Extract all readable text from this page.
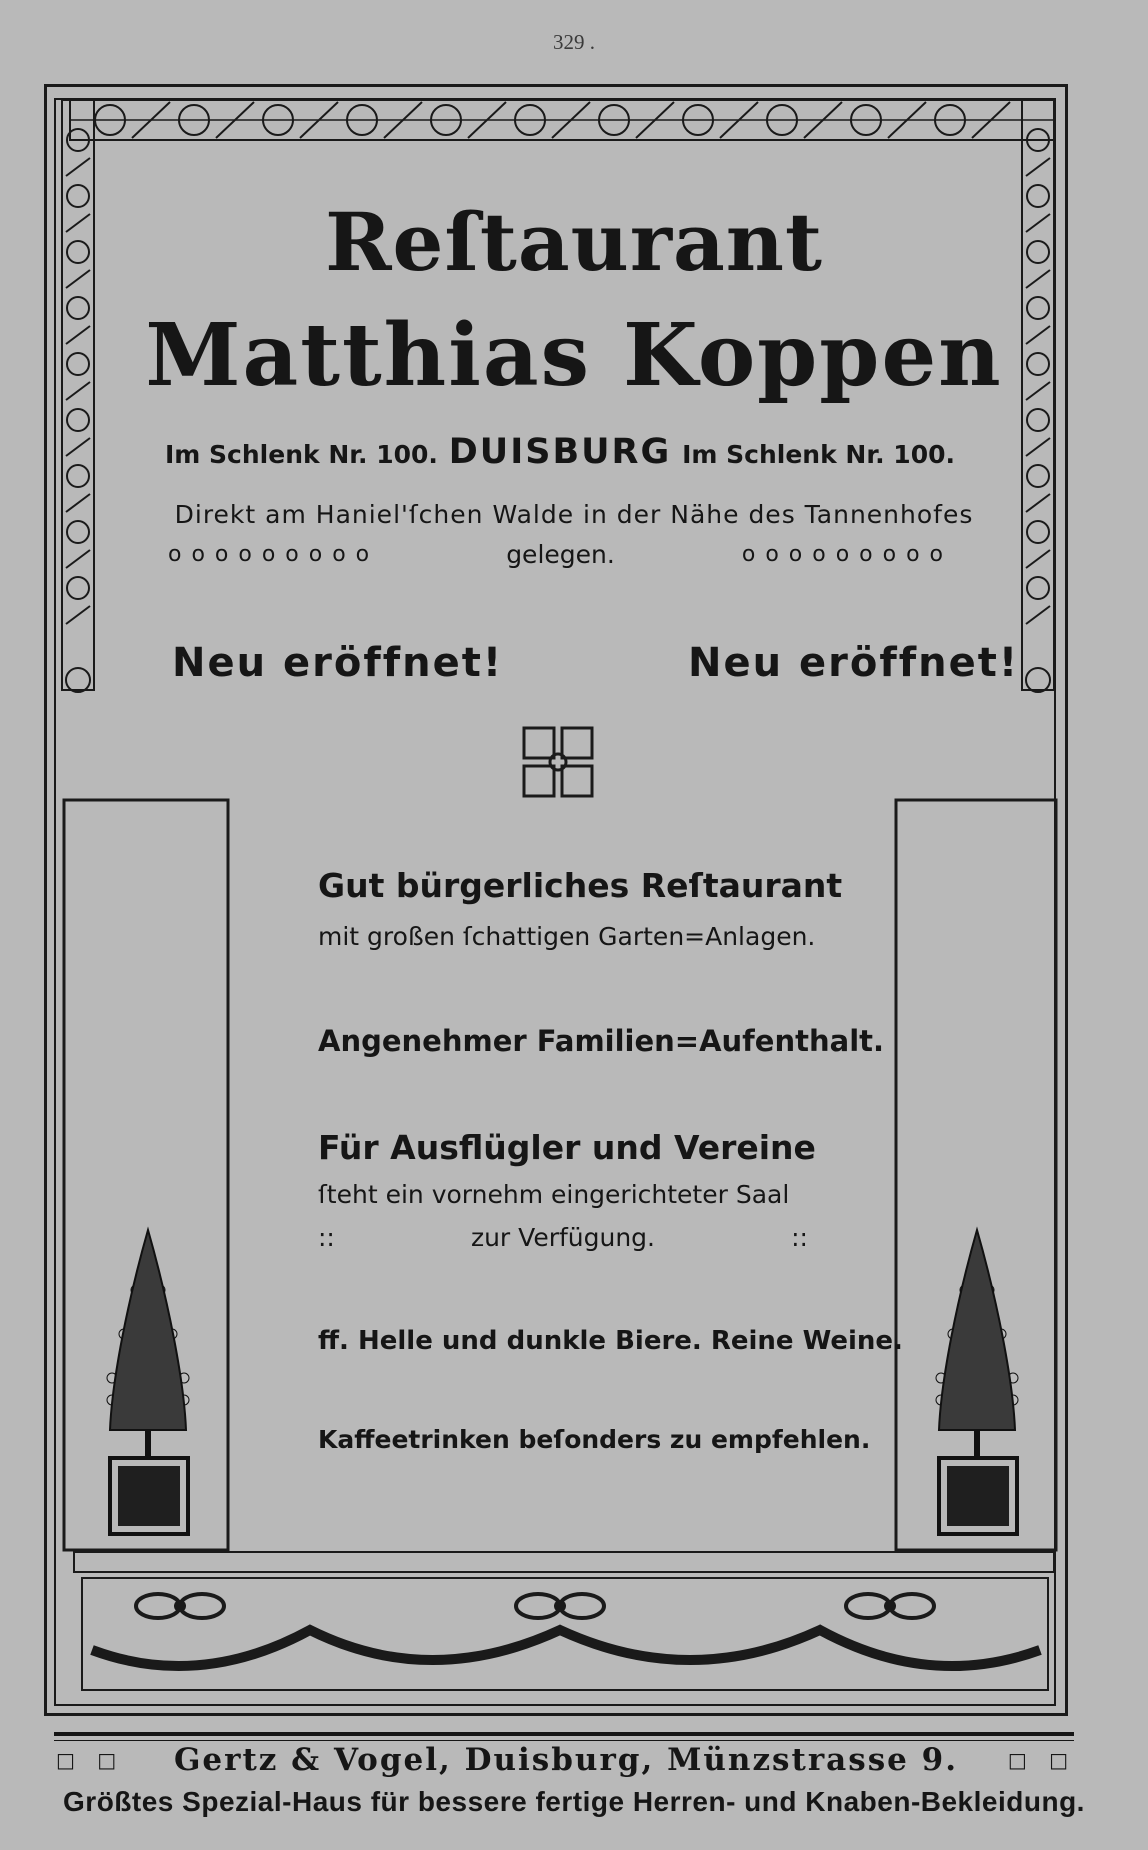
329 .
Reſtaurant
Matthias Koppen
Im Schlenk Nr. 100. DUISBURG Im Schlenk Nr. 100.
Direkt am Haniel'ſchen Walde in der Nähe des Tannenhofes
ooooooooo	gelegen.	ooooooooo
Neu eröffnet!	Neu eröffnet!
Gut bürgerliches Reſtaurant
mit großen ſchattigen Garten=Anlagen.
Angenehmer Familien=Aufenthalt.
Für Ausflügler und Vereine
ſteht ein vornehm eingerichteter Saal
::	zur Verfügung.	::
ff. Helle und dunkle Biere. Reine Weine.
Kaffeetrinken beſonders zu empfehlen.
□ □ Gertz & Vogel, Duisburg, Münzstrasse 9. □ □
Größtes Spezial-Haus für bessere fertige Herren- und Knaben-Bekleidung.
